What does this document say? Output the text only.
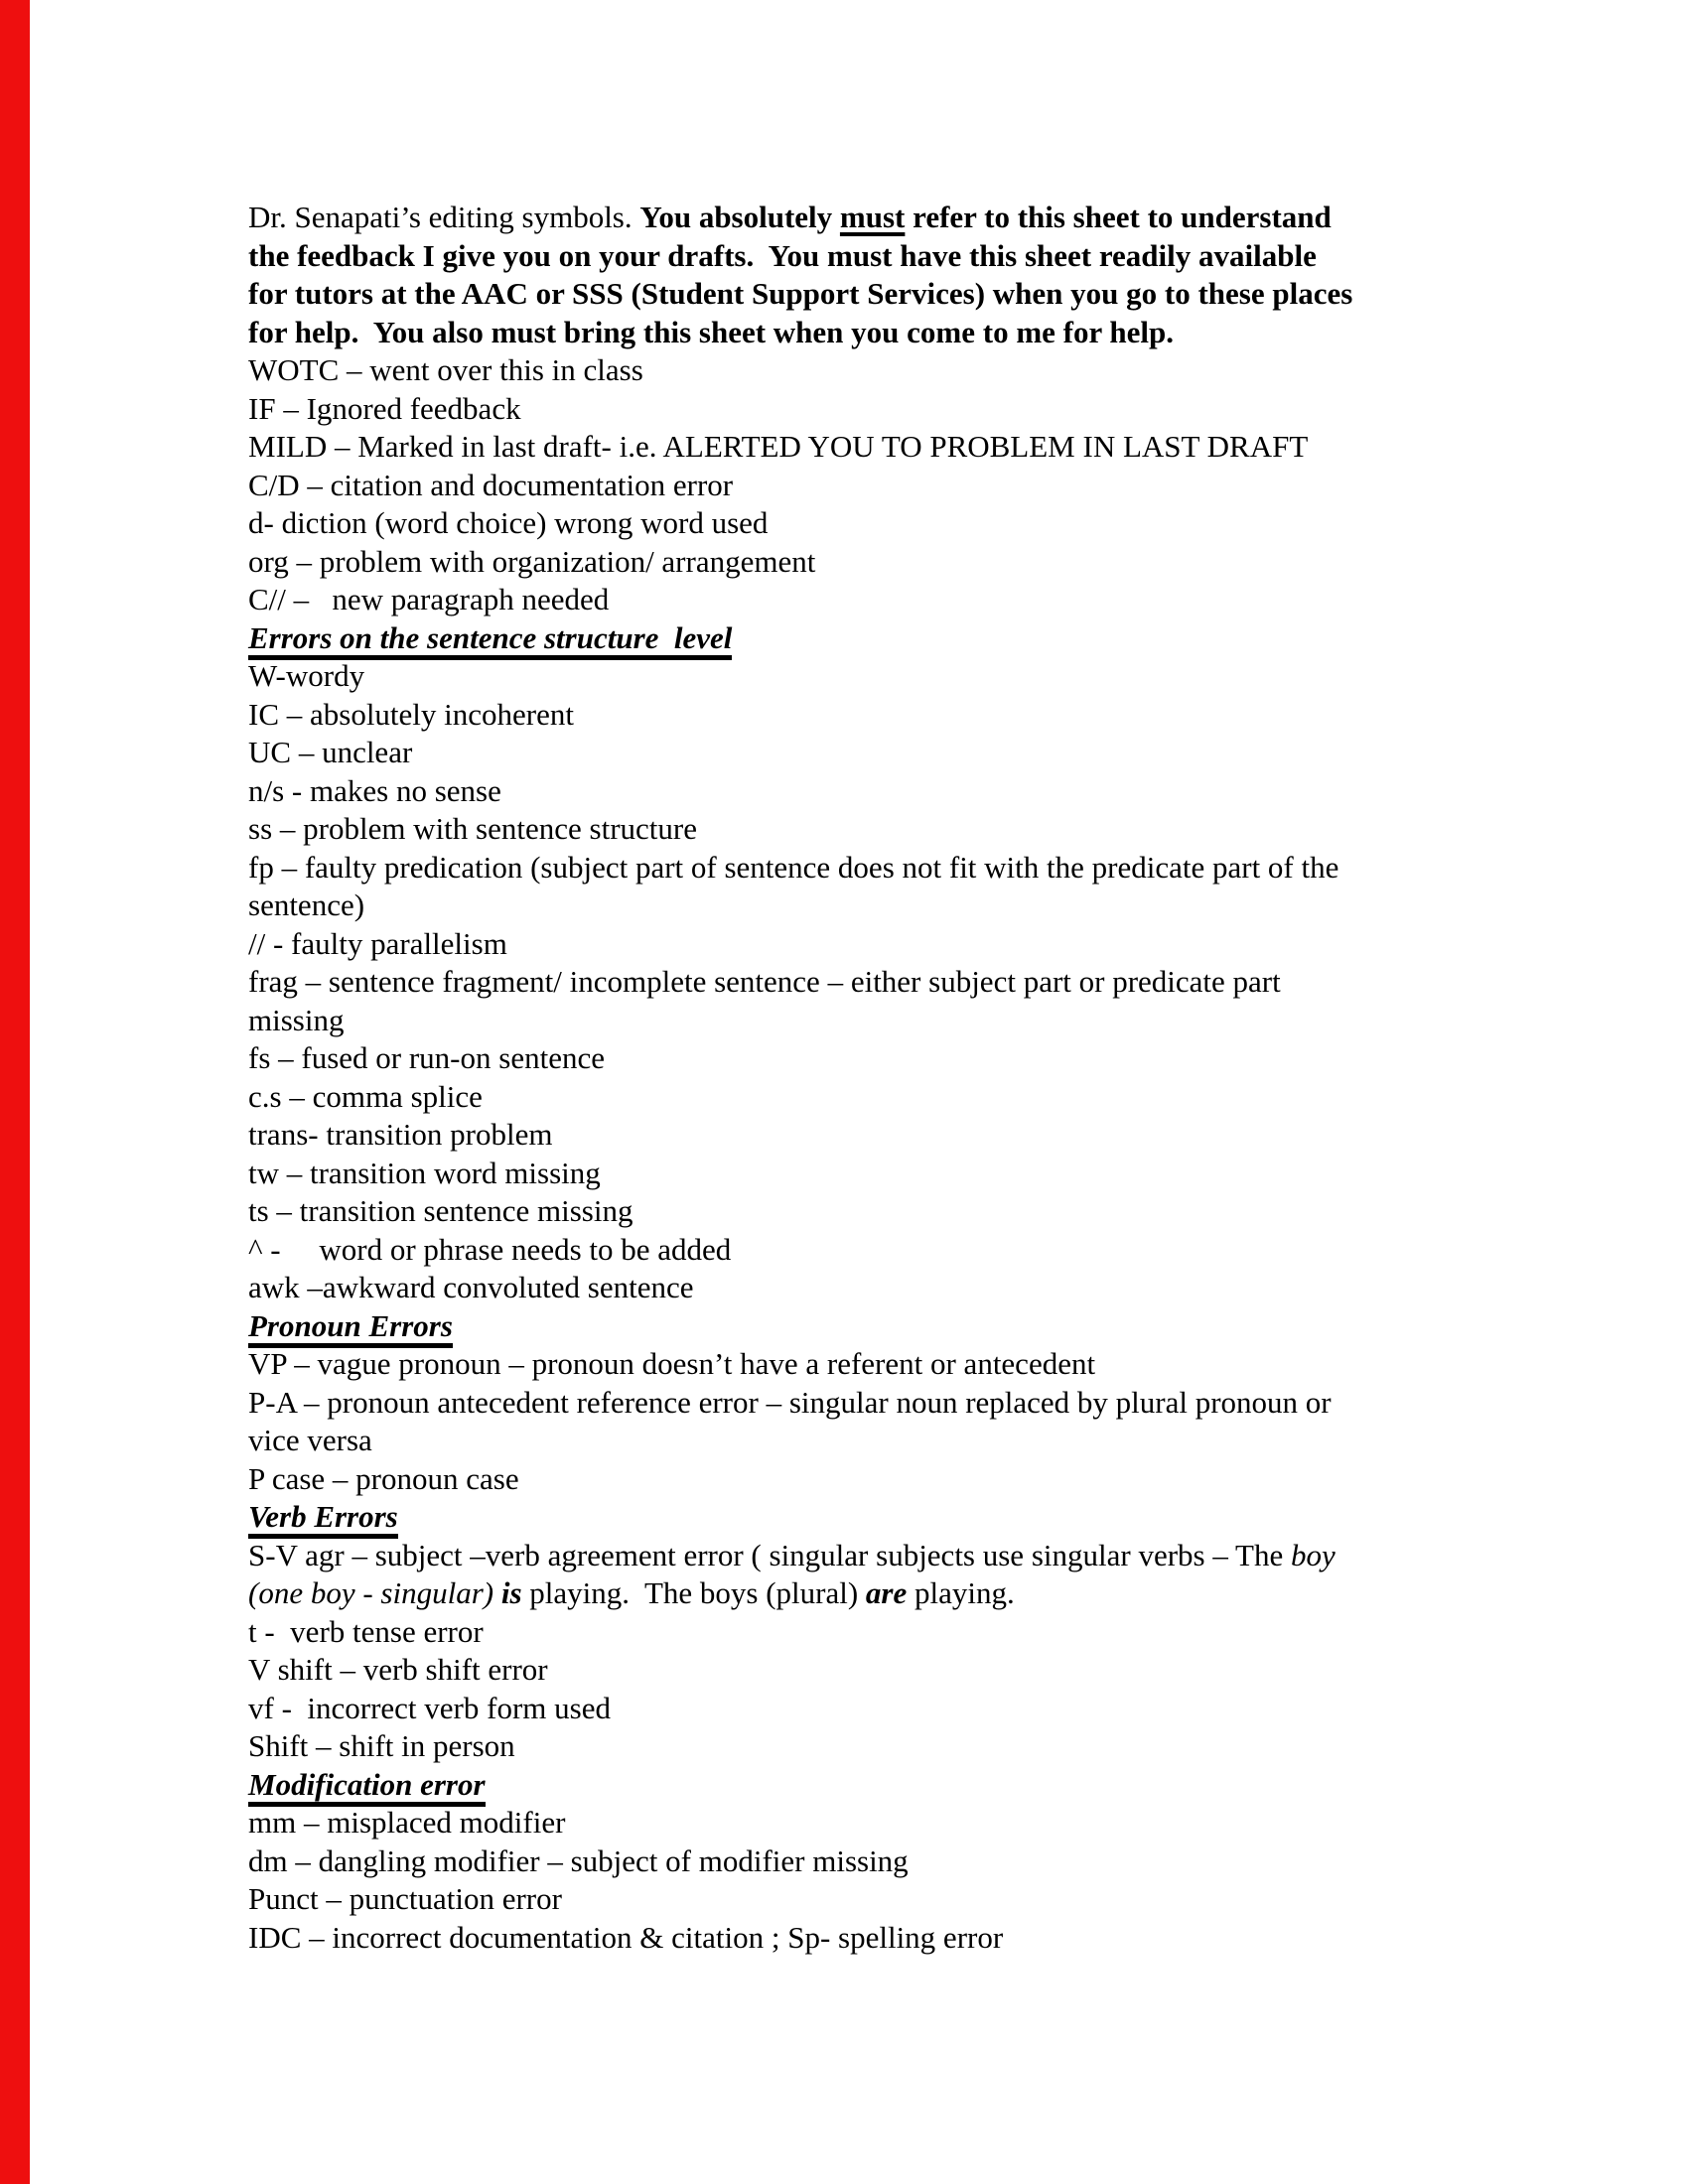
Dr. Senapati’s editing symbols. You absolutely must refer to this sheet to understand
the feedback I give you on your drafts.  You must have this sheet readily available
for tutors at the AAC or SSS (Student Support Services) when you go to these places
for help.  You also must bring this sheet when you come to me for help.
WOTC – went over this in class
IF – Ignored feedback
MILD – Marked in last draft- i.e. ALERTED YOU TO PROBLEM IN LAST DRAFT
C/D – citation and documentation error
d- diction (word choice) wrong word used
org – problem with organization/ arrangement
C// –   new paragraph needed
Errors on the sentence structure  level
W-wordy
IC – absolutely incoherent
UC – unclear
n/s - makes no sense
ss – problem with sentence structure
fp – faulty predication (subject part of sentence does not fit with the predicate part of the
sentence)
// - faulty parallelism
frag – sentence fragment/ incomplete sentence – either subject part or predicate part
missing
fs – fused or run-on sentence
c.s – comma splice
trans- transition problem
tw – transition word missing
ts – transition sentence missing
^ -     word or phrase needs to be added
awk –awkward convoluted sentence
Pronoun Errors
VP – vague pronoun – pronoun doesn’t have a referent or antecedent
P-A – pronoun antecedent reference error – singular noun replaced by plural pronoun or
vice versa
P case – pronoun case
Verb Errors
S-V agr – subject –verb agreement error ( singular subjects use singular verbs – The boy
(one boy - singular) is playing.  The boys (plural) are playing.
t -  verb tense error
V shift – verb shift error
vf -  incorrect verb form used
Shift – shift in person
Modification error
mm – misplaced modifier
dm – dangling modifier – subject of modifier missing
Punct – punctuation error
IDC – incorrect documentation & citation ; Sp- spelling error
